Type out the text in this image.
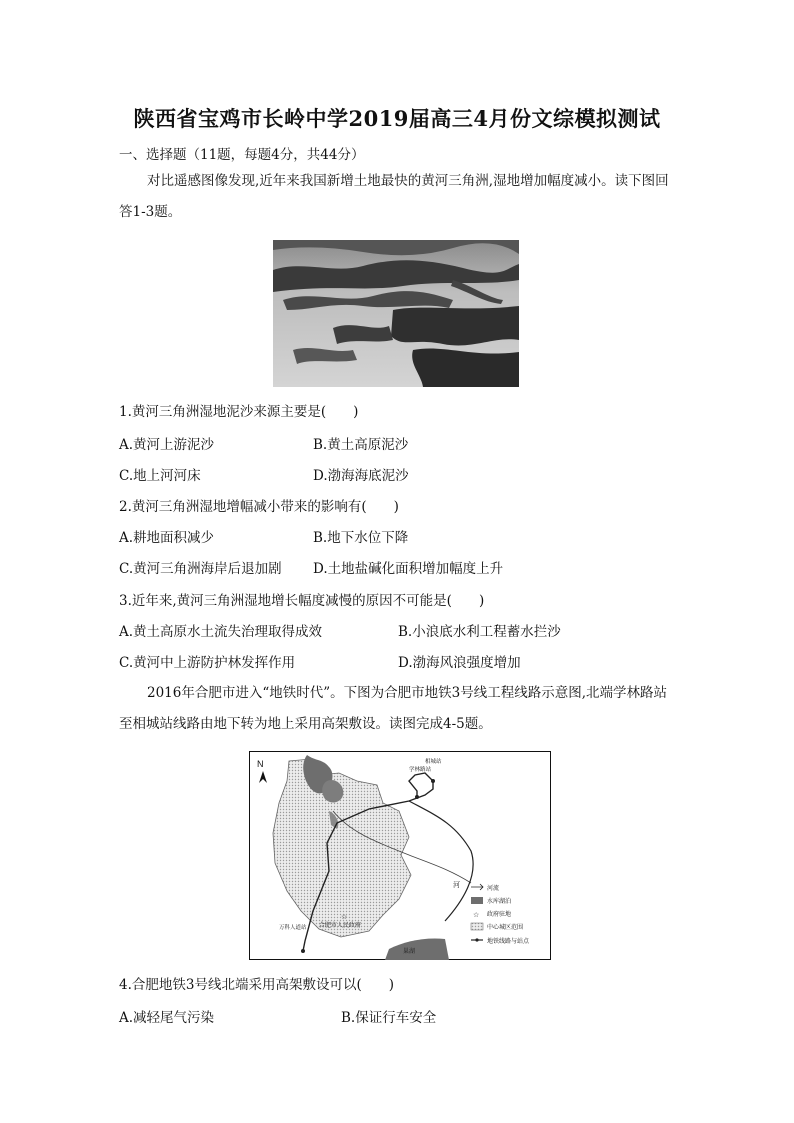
陕西省宝鸡市长岭中学2019届高三4月份文综模拟测试

一、选择题（11题，每题4分，共44分）

对比遥感图像发现,近年来我国新增土地最快的黄河三角洲,湿地增加幅度减小。读下图回答1-3题。

1.黄河三角洲湿地泥沙来源主要是(　　)

A.黄河上游泥沙	B.黄土高原泥沙

C.地上河河床	D.渤海海底泥沙

2.黄河三角洲湿地增幅减小带来的影响有(　　)

A.耕地面积减少	B.地下水位下降

C.黄河三角洲海岸后退加剧 D.土地盐碱化面积增加幅度上升

3.近年来,黄河三角洲湿地增长幅度减慢的原因不可能是(　　)

A.黄土高原水土流失治理取得成效	B.小浪底水利工程蓄水拦沙

C.黄河中上游防护林发挥作用	D.渤海风浪强度增加

2016年合肥市进入“地铁时代”。下图为合肥市地铁3号线工程线路示意图,北端学林路站至相城站线路由地下转为地上采用高架敷设。读图完成4-5题。

N
巢湖
河
学林路站
相城站
万科人道站
☆
合肥市人民政府
河流
水库湖泊
☆ 政府驻地
中心城区范围
地铁线路与站点

4.合肥地铁3号线北端采用高架敷设可以(　　)

A.减轻尾气污染	B.保证行车安全
